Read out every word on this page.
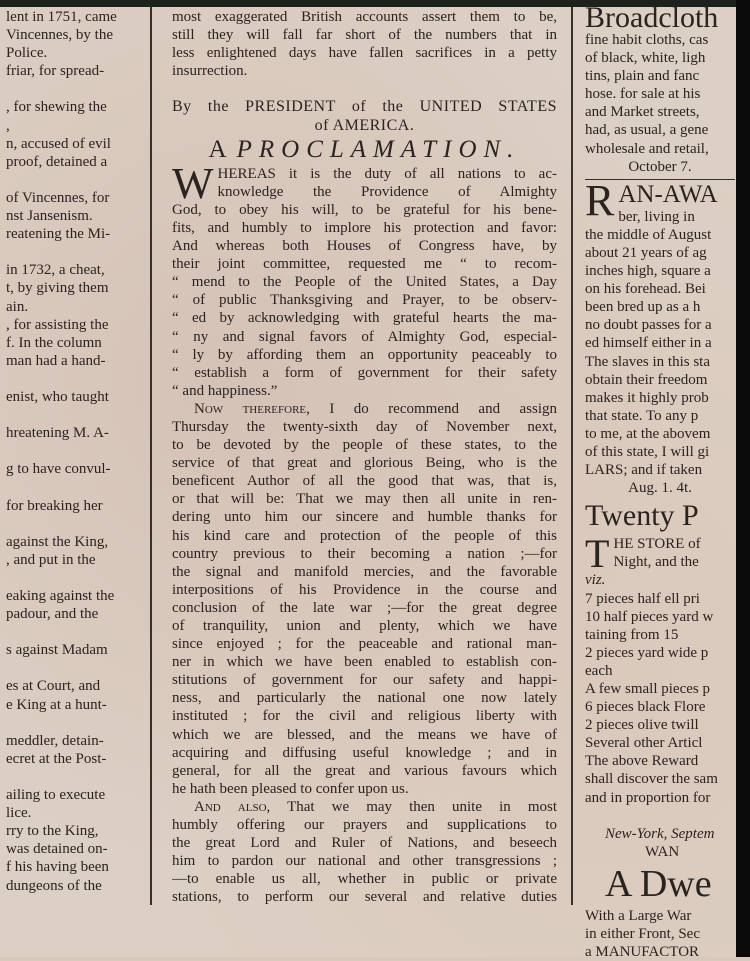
lent in 1751, came
Vincennes, by the
Police.
friar, for spread-
, for shewing the
,
n, accused of evil
proof, detained a
of Vincennes, for
nst Jansenism.
reatening the Mi-
in 1732, a cheat,
t, by giving them
ain.
, for assisting the
f. In the column
man had a hand-
enist, who taught
hreatening M. A-
g to have convul-
for breaking her
against the King,
, and put in the
eaking against the
padour, and the
s against Madam
es at Court, and
e King at a hunt-
meddler, detain-
ecret at the Post-
ailing to execute
lice.
rry to the King,
was detained on-
f his having been
dungeons of the
most exaggerated British accounts assert them to be,
still they will fall far short of the numbers that in
less enlightened days have fallen sacrifices in a petty
insurrection.
By the PRESIDENT of the UNITED STATES
of AMERICA.
APROCLAMATION.
W HEREAS it is the duty of all nations to ac-
knowledge the Providence of Almighty
God, to obey his will, to be grateful for his bene-
fits, and humbly to implore his protection and favor:
And whereas both Houses of Congress have, by
their joint committee, requested me “ to recom-
“ mend to the People of the United States, a Day
“ of public Thanksgiving and Prayer, to be observ-
“ ed by acknowledging with grateful hearts the ma-
“ ny and signal favors of Almighty God, especial-
“ ly by affording them an opportunity peaceably to
“ establish a form of government for their safety
“ and happiness.”
Now therefore, I do recommend and assign
Thursday the twenty-sixth day of November next,
to be devoted by the people of these states, to the
service of that great and glorious Being, who is the
beneficent Author of all the good that was, that is,
or that will be: That we may then all unite in ren-
dering unto him our sincere and humble thanks for
his kind care and protection of the people of this
country previous to their becoming a nation ;—for
the signal and manifold mercies, and the favorable
interpositions of his Providence in the course and
conclusion of the late war ;—for the great degree
of tranquility, union and plenty, which we have
since enjoyed ; for the peaceable and rational man-
ner in which we have been enabled to establish con-
stitutions of government for our safety and happi-
ness, and particularly the national one now lately
instituted ; for the civil and religious liberty with
which we are blessed, and the means we have of
acquiring and diffusing useful knowledge ; and in
general, for all the great and various favours which
he hath been pleased to confer upon us.
And also, That we may then unite in most
humbly offering our prayers and supplications to
the great Lord and Ruler of Nations, and beseech
him to pardon our national and other transgressions ;
—to enable us all, whether in public or private
stations, to perform our several and relative duties
Broadcloth
fine habit cloths, cas
of black, white, ligh
tins, plain and fanc
hose. for sale at his
and Market streets,
had, as usual, a gene
wholesale and retail,
October 7.
R AN-AWA
ber, living in
the middle of August
about 21 years of ag
inches high, square a
on his forehead. Bei
been bred up as a h
no doubt passes for a
ed himself either in a
The slaves in this sta
obtain their freedom
makes it highly prob
that state. To any p
to me, at the abovem
of this state, I will gi
LARS; and if taken
Aug. 1. 4t.
Twenty P
T HE STORE of
Night, and the
viz.
7 pieces half ell pri
10 half pieces yard w
taining from 15
2 pieces yard wide p
each
A few small pieces p
6 pieces black Flore
2 pieces olive twill
Several other Articl
The above Reward
shall discover the sam
and in proportion for
New-York, Septem
WAN
A Dwe
With a Large War
in either Front, Sec
a MANUFACTOR
